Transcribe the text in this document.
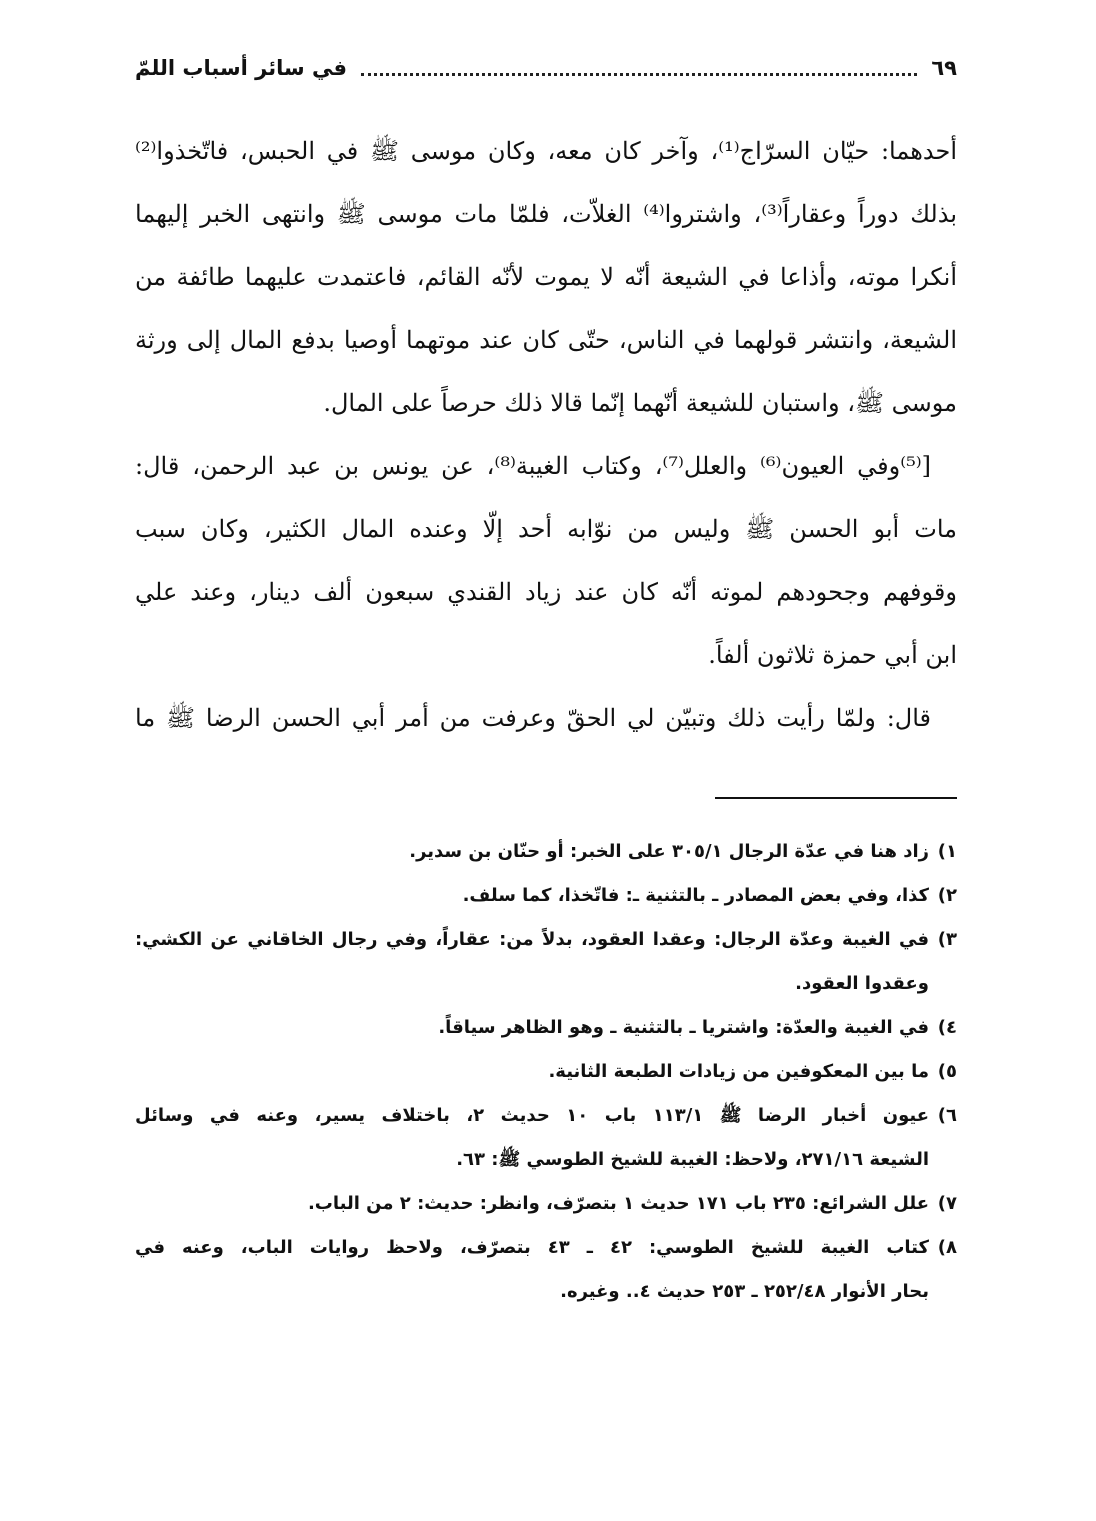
في سائر أسباب اللمّ	٦٩

أحدهما: حيّان السرّاج⁽¹⁾، وآخر كان معه، وكان موسى ﷺ في الحبس، فاتّخذوا⁽²⁾

بذلك دوراً وعقاراً⁽³⁾، واشتروا⁽⁴⁾ الغلاّت، فلمّا مات موسى ﷺ وانتهى الخبر إليهما

أنكرا موته، وأذاعا في الشيعة أنّه لا يموت لأنّه القائم، فاعتمدت عليهما طائفة من

الشيعة، وانتشر قولهما في الناس، حتّى كان عند موتهما أوصيا بدفع المال إلى ورثة

موسى ﷺ، واستبان للشيعة أنّهما إنّما قالا ذلك حرصاً على المال.

[⁽⁵⁾وفي العيون⁽⁶⁾ والعلل⁽⁷⁾، وكتاب الغيبة⁽⁸⁾، عن يونس بن عبد الرحمن، قال:

مات أبو الحسن ﷺ وليس من نوّابه أحد إلّا وعنده المال الكثير، وكان سبب

وقوفهم وجحودهم لموته أنّه كان عند زياد القندي سبعون ألف دينار، وعند علي

ابن أبي حمزة ثلاثون ألفاً.

قال: ولمّا رأيت ذلك وتبيّن لي الحقّ وعرفت من أمر أبي الحسن الرضا ﷺ ما

١)
زاد هنا في عدّة الرجال ٣٠٥/١ على الخبر: أو حنّان بن سدير.
٢)
كذا، وفي بعض المصادر ـ بالتثنية ـ: فاتّخذا، كما سلف.
٣)
في الغيبة وعدّة الرجال: وعقدا العقود، بدلاً من: عقاراً، وفي رجال الخاقاني عن الكشي:
وعقدوا العقود.
٤)
في الغيبة والعدّة: واشتريا ـ بالتثنية ـ وهو الظاهر سياقاً.
٥)
ما بين المعكوفين من زيادات الطبعة الثانية.
٦)
عيون أخبار الرضا ﷺ ١١٣/١ باب ١٠ حديث ٢، باختلاف يسير، وعنه في وسائل
الشيعة ٢٧١/١٦، ولاحظ: الغيبة للشيخ الطوسي ﷺ: ٦٣.
٧)
علل الشرائع: ٢٣٥ باب ١٧١ حديث ١ بتصرّف، وانظر: حديث: ٢ من الباب.
٨)
كتاب الغيبة للشيخ الطوسي: ٤٢ ـ ٤٣ بتصرّف، ولاحظ روايات الباب، وعنه في
بحار الأنوار ٢٥٢/٤٨ ـ ٢٥٣ حديث ٤.. وغيره.
